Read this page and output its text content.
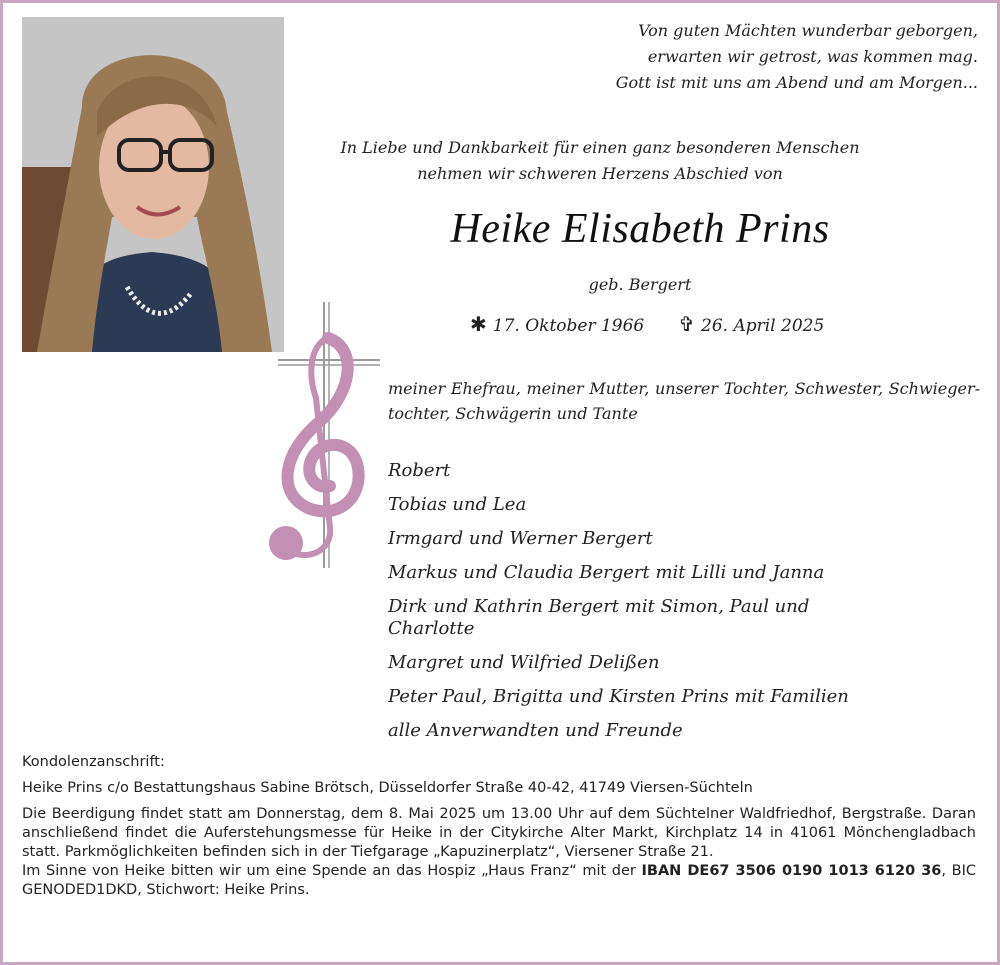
Von guten Mächten wunderbar geborgen,
erwarten wir getrost, was kommen mag.
Gott ist mit uns am Abend und am Morgen...
In Liebe und Dankbarkeit für einen ganz besonderen Menschen
nehmen wir schweren Herzens Abschied von
Heike Elisabeth Prins
geb. Bergert
✱ 17. Oktober 1966 ✞ 26. April 2025
meiner Ehefrau, meiner Mutter, unserer Tochter, Schwester, Schwiegertochter, Schwägerin und Tante
Robert
Tobias und Lea
Irmgard und Werner Bergert
Markus und Claudia Bergert mit Lilli und Janna
Dirk und Kathrin Bergert mit Simon, Paul und Charlotte
Margret und Wilfried Delißen
Peter Paul, Brigitta und Kirsten Prins mit Familien
alle Anverwandten und Freunde
Kondolenzanschrift:
Heike Prins c/o Bestattungshaus Sabine Brötsch, Düsseldorfer Straße 40-42, 41749 Viersen-Süchteln
Die Beerdigung findet statt am Donnerstag, dem 8. Mai 2025 um 13.00 Uhr auf dem Süchtelner Waldfriedhof, Bergstraße. Daran anschließend findet die Auferstehungsmesse für Heike in der Citykirche Alter Markt, Kirchplatz 14 in 41061 Mönchengladbach statt. Parkmöglichkeiten befinden sich in der Tiefgarage „Kapuzinerplatz“, Viersener Straße 21.
Im Sinne von Heike bitten wir um eine Spende an das Hospiz „Haus Franz“ mit der IBAN DE67 3506 0190 1013 6120 36, BIC GENODED1DKD, Stichwort: Heike Prins.
